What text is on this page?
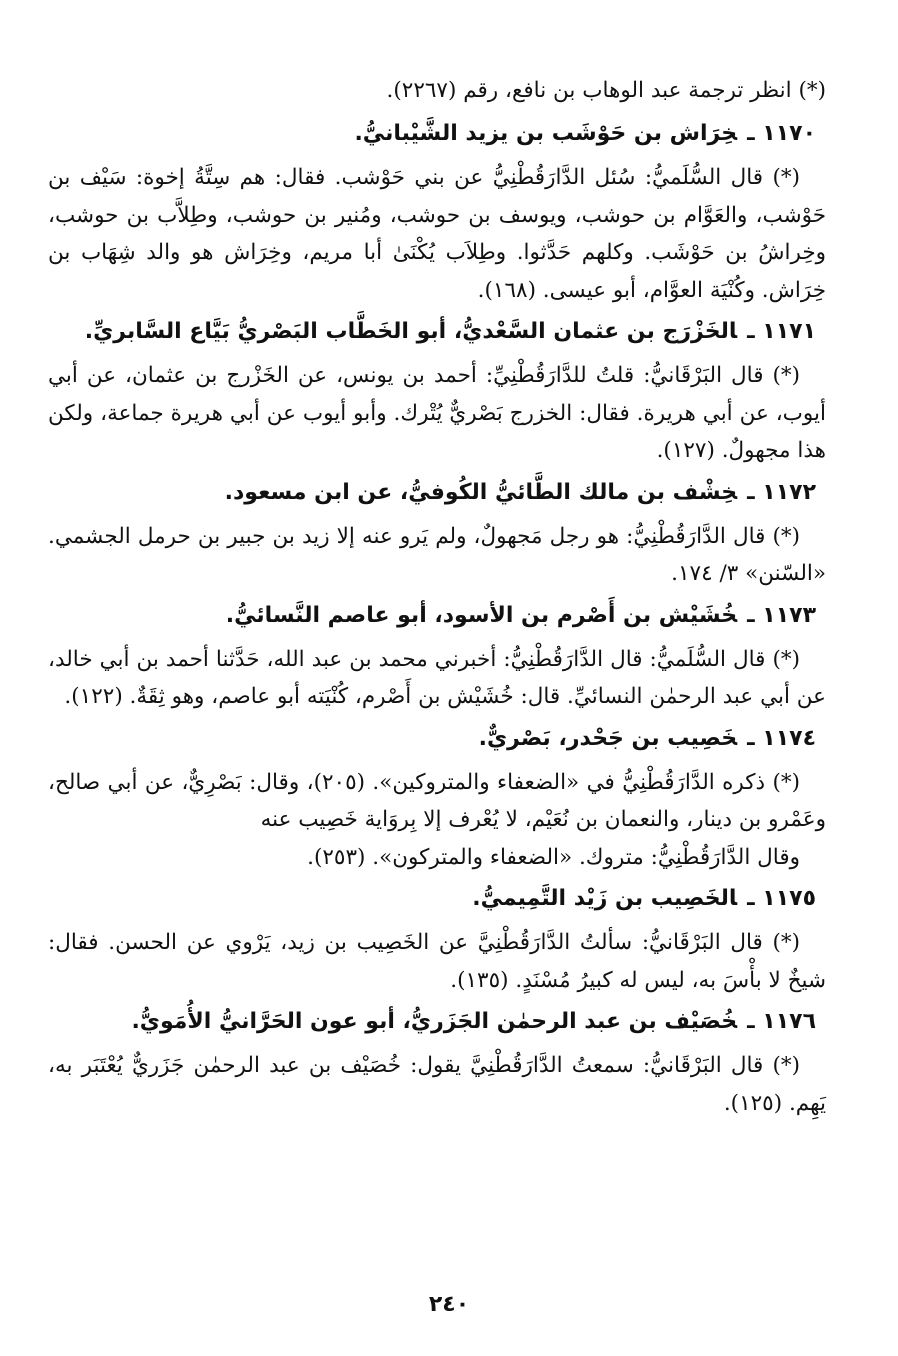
(*) انظر ترجمة عبد الوهاب بن نافع، رقم (٢٢٦٧).
١١٧٠ ـخِرَاش بن حَوْشَب بن يزيد الشَّيْبانيُّ.
(*) قال السُّلَميُّ: سُئل الدَّارَقُطْنِيُّ عن بني حَوْشب. فقال: هم سِتَّةُ إخوة: سَيْف بن حَوْشب، والعَوَّام بن حوشب، ويوسف بن حوشب، ومُنير بن حوشب، وطِلاَّب بن حوشب، وخِراشُ بن حَوْشَب. وكلهم حَدَّثوا. وطِلاَب يُكْنَىٰ أبا مريم، وخِرَاش هو والد شِهَاب بن خِرَاش. وكُنْيَة العوَّام، أبو عيسى. (١٦٨).
١١٧١ ـالخَزْرَج بن عثمان السَّعْديُّ، أبو الخَطَّاب البَصْريُّ بَيَّاع السَّابريِّ.
(*) قال البَرْقَانيُّ: قلتُ للدَّارَقُطْنِيِّ: أحمد بن يونس، عن الخَزْرج بن عثمان، عن أبي أيوب، عن أبي هريرة. فقال: الخزرج بَصْريٌّ يُتْرك. وأبو أيوب عن أبي هريرة جماعة، ولكن هذا مجهولٌ. (١٢٧).
١١٧٢ ـخِشْف بن مالك الطَّائيُّ الكُوفيُّ، عن ابن مسعود.
(*) قال الدَّارَقُطْنِيُّ: هو رجل مَجهولٌ، ولم يَرو عنه إلا زيد بن جبير بن حرمل الجشمي. «السّنن» ٣/ ١٧٤.
١١٧٣ ـخُشَيْش بن أَصْرم بن الأسود، أبو عاصم النَّسائيُّ.
(*) قال السُّلَميُّ: قال الدَّارَقُطْنِيُّ: أخبرني محمد بن عبد الله، حَدَّثنا أحمد بن أبي خالد، عن أبي عبد الرحمٰن النسائيِّ. قال: خُشَيْش بن أَصْرم، كُنْيَته أبو عاصم، وهو ثِقَةٌ. (١٢٢).
١١٧٤ ـخَصِيب بن جَحْدر، بَصْريٌّ.
(*) ذكره الدَّارَقُطْنِيُّ في «الضعفاء والمتروكين». (٢٠٥)، وقال: بَصْرِيٌّ، عن أبي صالح، وعَمْرو بن دينار، والنعمان بن نُعَيْم، لا يُعْرف إلا بِروَاية خَصِيب عنه
وقال الدَّارَقُطْنِيُّ: متروك. «الضعفاء والمتركون». (٢٥٣).
١١٧٥ ـالخَصِيب بن زَيْد التَّمِيميُّ.
(*) قال البَرْقَانيُّ: سألتُ الدَّارَقُطْنِيَّ عن الخَصِيب بن زيد، يَرْوي عن الحسن. فقال: شيخٌ لا بأْسَ به، ليس له كبيرُ مُسْنَدٍ. (١٣٥).
١١٧٦ ـخُصَيْف بن عبد الرحمٰن الجَزَريُّ، أبو عون الحَرَّانيُّ الأُمَويُّ.
(*) قال البَرْقَانيُّ: سمعتُ الدَّارَقُطْنِيَّ يقول: خُصَيْف بن عبد الرحمٰن جَزَريٌّ يُعْتَبَر به، يَهِم. (١٢٥).
٢٤٠
